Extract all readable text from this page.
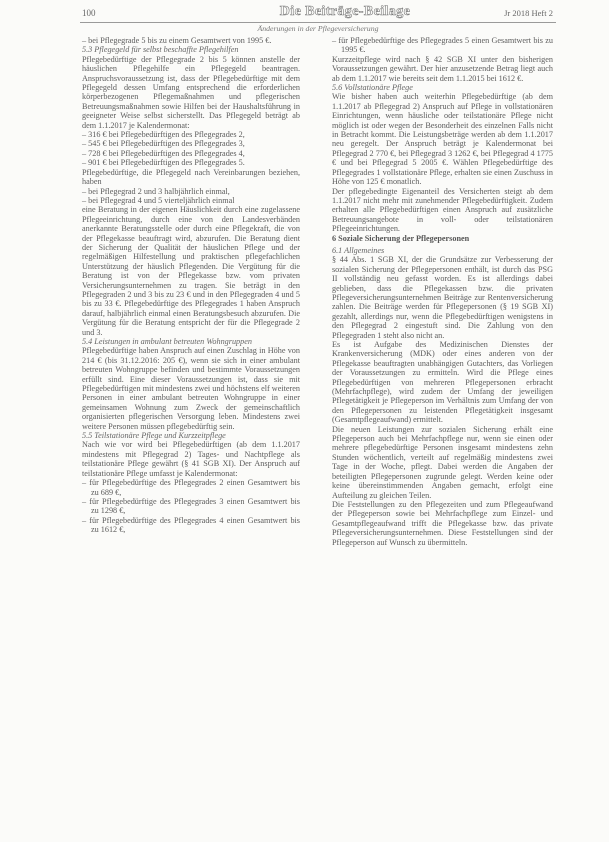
100	Die Beiträge-Beilage	Jr 2018 Heft 2
Änderungen in der Pflegeversicherung

– bei Pflegegrade 5 bis zu einem Gesamtwert von 1995 €.

5.3 Pflegegeld für selbst beschaffte Pflegehilfen

Pflegebedürftige der Pflegegrade 2 bis 5 können anstelle der häuslichen Pflegehilfe ein Pflegegeld beantragen. Anspruchsvoraussetzung ist, dass der Pflegebedürftige mit dem Pflegegeld dessen Umfang entsprechend die erforderlichen körperbezogenen Pflegemaßnahmen und pflegerischen Betreuungsmaßnahmen sowie Hilfen bei der Haushaltsführung in geeigneter Weise selbst sicherstellt. Das Pflegegeld beträgt ab dem 1.1.2017 je Kalendermonat:

– 316 € bei Pflegebedürftigen des Pflegegrades 2,

– 545 € bei Pflegebedürftigen des Pflegegrades 3,

– 728 € bei Pflegebedürftigen des Pflegegrades 4,

– 901 € bei Pflegebedürftigen des Pflegegrades 5.

Pflegebedürftige, die Pflegegeld nach Vereinbarungen beziehen, haben

– bei Pflegegrad 2 und 3 halbjährlich einmal,

– bei Pflegegrad 4 und 5 vierteljährlich einmal

eine Beratung in der eigenen Häuslichkeit durch eine zugelassene Pflegeeinrichtung, durch eine von den Landesverbänden anerkannte Beratungsstelle oder durch eine Pflegekraft, die von der Pflegekasse beauftragt wird, abzurufen. Die Beratung dient der Sicherung der Qualität der häuslichen Pflege und der regelmäßigen Hilfestellung und praktischen pflegefachlichen Unterstützung der häuslich Pflegenden. Die Vergütung für die Beratung ist von der Pflegekasse bzw. vom privaten Versicherungsunternehmen zu tragen. Sie beträgt in den Pflegegraden 2 und 3 bis zu 23 € und in den Pflegegraden 4 und 5 bis zu 33 €. Pflegebedürftige des Pflegegrades 1 haben Anspruch darauf, halbjährlich einmal einen Beratungsbesuch abzurufen. Die Vergütung für die Beratung entspricht der für die Pflegegrade 2 und 3.

5.4 Leistungen in ambulant betreuten Wohngruppen

Pflegebedürftige haben Anspruch auf einen Zuschlag in Höhe von 214 € (bis 31.12.2016: 205 €), wenn sie sich in einer ambulant betreuten Wohngruppe befinden und bestimmte Voraussetzungen erfüllt sind. Eine dieser Voraussetzungen ist, dass sie mit Pflegebedürftigen mit mindestens zwei und höchstens elf weiteren Personen in einer ambulant betreuten Wohngruppe in einer gemeinsamen Wohnung zum Zweck der gemeinschaftlich organisierten pflegerischen Versorgung leben. Mindestens zwei weitere Personen müssen pflegebedürftig sein.

5.5 Teilstationäre Pflege und Kurzzeitpflege

Nach wie vor wird bei Pflegebedürftigen (ab dem 1.1.2017 mindestens mit Pflegegrad 2) Tages- und Nachtpflege als teilstationäre Pflege gewährt (§ 41 SGB XI). Der Anspruch auf teilstationäre Pflege umfasst je Kalendermonat:

– für Pflegebedürftige des Pflegegrades 2 einen Gesamtwert bis zu 689 €,

– für Pflegebedürftige des Pflegegrades 3 einen Gesamtwert bis zu 1298 €,

– für Pflegebedürftige des Pflegegrades 4 einen Gesamtwert bis zu 1612 €,

– für Pflegebedürftige des Pflegegrades 5 einen Gesamtwert bis zu 1995 €.

Kurzzeitpflege wird nach § 42 SGB XI unter den bisherigen Voraussetzungen gewährt. Der hier anzusetzende Betrag liegt auch ab dem 1.1.2017 wie bereits seit dem 1.1.2015 bei 1612 €.

5.6 Vollstationäre Pflege

Wie bisher haben auch weiterhin Pflegebedürftige (ab dem 1.1.2017 ab Pflegegrad 2) Anspruch auf Pflege in vollstationären Einrichtungen, wenn häusliche oder teilstationäre Pflege nicht möglich ist oder wegen der Besonderheit des einzelnen Falls nicht in Betracht kommt. Die Leistungsbeträge werden ab dem 1.1.2017 neu geregelt. Der Anspruch beträgt je Kalendermonat bei Pflegegrad 2 770 €, bei Pflegegrad 3 1262 €, bei Pflegegrad 4 1775 € und bei Pflegegrad 5 2005 €. Wählen Pflegebedürftige des Pflegegrades 1 vollstationäre Pflege, erhalten sie einen Zuschuss in Höhe von 125 € monatlich.

Der pflegebedingte Eigenanteil des Versicherten steigt ab dem 1.1.2017 nicht mehr mit zunehmender Pflegebedürftigkeit. Zudem erhalten alle Pflegebedürftigen einen Anspruch auf zusätzliche Betreuungsangebote in voll- oder teilstationären Pflegeeinrichtungen.

6 Soziale Sicherung der Pflegepersonen

6.1 Allgemeines

§ 44 Abs. 1 SGB XI, der die Grundsätze zur Verbesserung der sozialen Sicherung der Pflegepersonen enthält, ist durch das PSG II vollständig neu gefasst worden. Es ist allerdings dabei geblieben, dass die Pflegekassen bzw. die privaten Pflegeversicherungsunternehmen Beiträge zur Rentenversicherung zahlen. Die Beiträge werden für Pflegepersonen (§ 19 SGB XI) gezahlt, allerdings nur, wenn die Pflegebedürftigen wenigstens in den Pflegegrad 2 eingestuft sind. Die Zahlung von den Pflegegraden 1 steht also nicht an.

Es ist Aufgabe des Medizinischen Dienstes der Krankenversicherung (MDK) oder eines anderen von der Pflegekasse beauftragten unabhängigen Gutachters, das Vorliegen der Voraussetzungen zu ermitteln. Wird die Pflege eines Pflegebedürftigen von mehreren Pflegepersonen erbracht (Mehrfachpflege), wird zudem der Umfang der jeweiligen Pflegetätigkeit je Pflegeperson im Verhältnis zum Umfang der von den Pflegepersonen zu leistenden Pflegetätigkeit insgesamt (Gesamtpflegeaufwand) ermittelt.

Die neuen Leistungen zur sozialen Sicherung erhält eine Pflegeperson auch bei Mehrfachpflege nur, wenn sie einen oder mehrere pflegebedürftige Personen insgesamt mindestens zehn Stunden wöchentlich, verteilt auf regelmäßig mindestens zwei Tage in der Woche, pflegt. Dabei werden die Angaben der beteiligten Pflegepersonen zugrunde gelegt. Werden keine oder keine übereinstimmenden Angaben gemacht, erfolgt eine Aufteilung zu gleichen Teilen.

Die Feststellungen zu den Pflegezeiten und zum Pflegeaufwand der Pflegeperson sowie bei Mehrfachpflege zum Einzel- und Gesamtpflegeaufwand trifft die Pflegekasse bzw. das private Pflegeversicherungsunternehmen. Diese Feststellungen sind der Pflegeperson auf Wunsch zu übermitteln.
